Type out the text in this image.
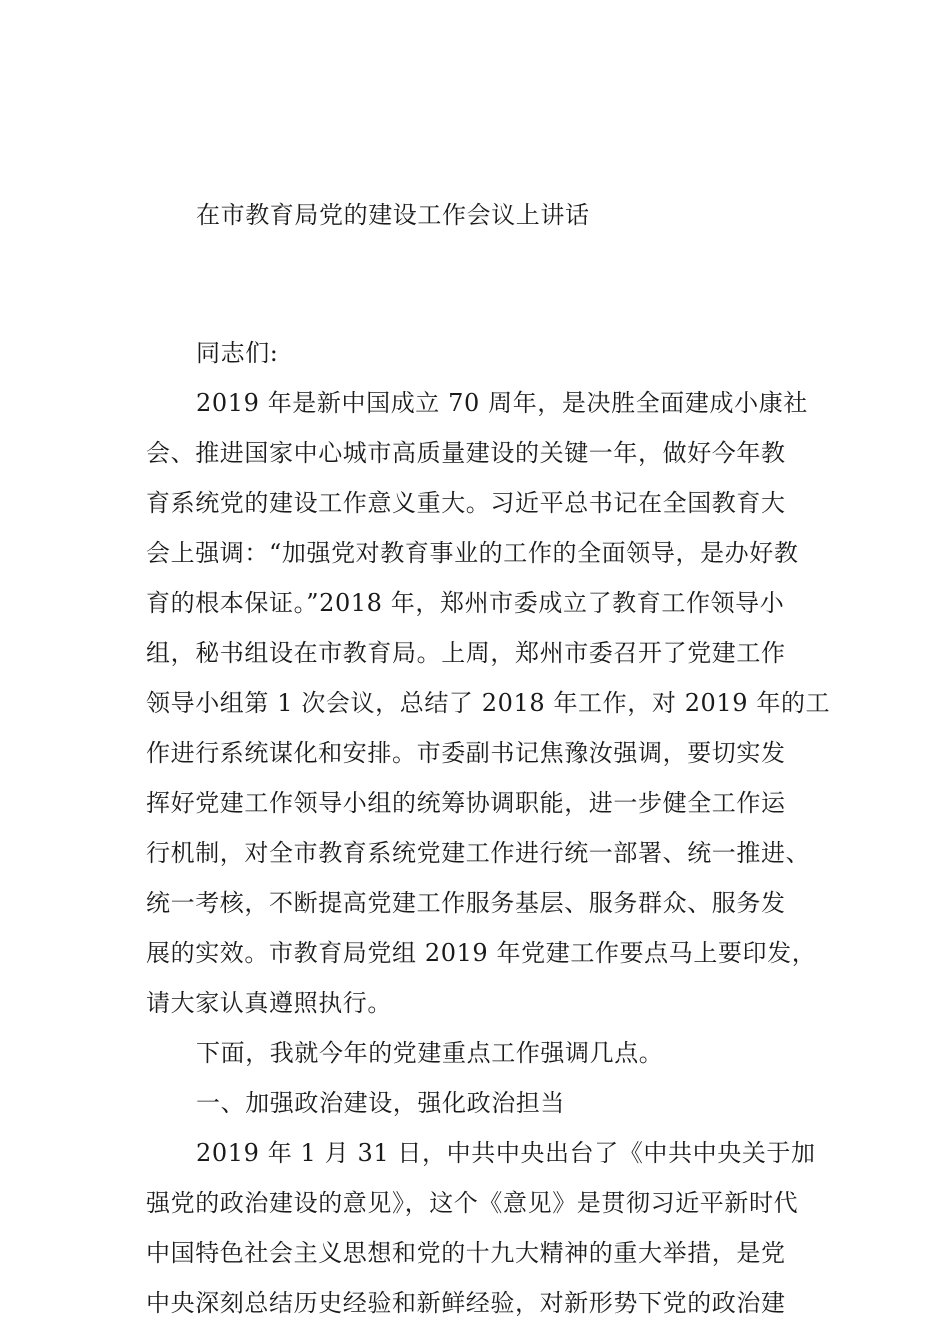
在市教育局党的建设工作会议上讲话
同志们:
2019 年是新中国成立 70 周年，是决胜全面建成小康社
会、推进国家中心城市高质量建设的关键一年，做好今年教
育系统党的建设工作意义重大。习近平总书记在全国教育大
会上强调：“加强党对教育事业的工作的全面领导，是办好教
育的根本保证。”2018 年，郑州市委成立了教育工作领导小
组，秘书组设在市教育局。上周，郑州市委召开了党建工作
领导小组第 1 次会议，总结了 2018 年工作，对 2019 年的工
作进行系统谋化和安排。市委副书记焦豫汝强调，要切实发
挥好党建工作领导小组的统筹协调职能，进一步健全工作运
行机制，对全市教育系统党建工作进行统一部署、统一推进、
统一考核，不断提高党建工作服务基层、服务群众、服务发
展的实效。市教育局党组 2019 年党建工作要点马上要印发，
请大家认真遵照执行。
下面，我就今年的党建重点工作强调几点。
一、加强政治建设，强化政治担当
2019 年 1 月 31 日，中共中央出台了《中共中央关于加
强党的政治建设的意见》，这个《意见》是贯彻习近平新时代
中国特色社会主义思想和党的十九大精神的重大举措，是党
中央深刻总结历史经验和新鲜经验，对新形势下党的政治建
